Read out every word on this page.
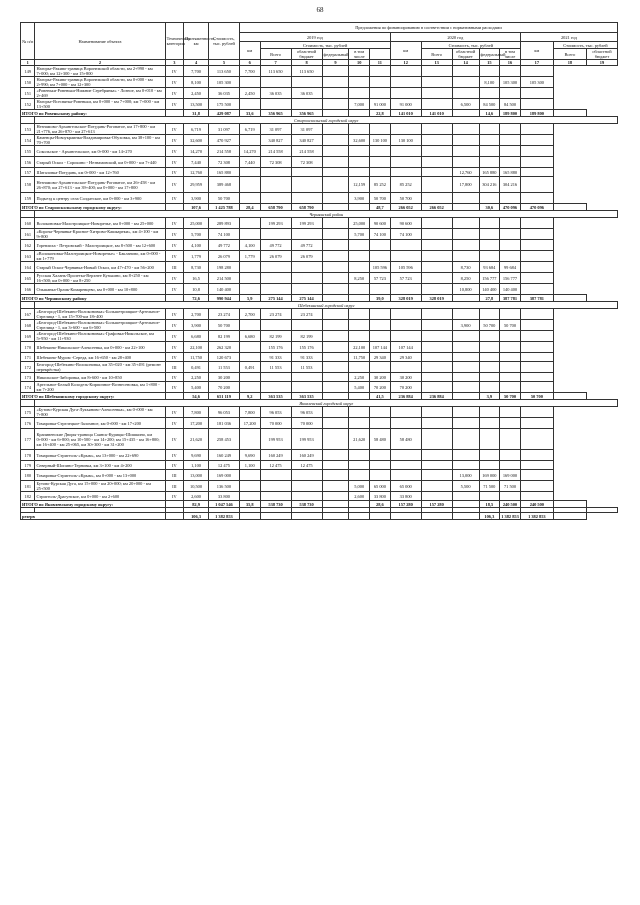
68
№ п/п	Наименование объекта	Техническая категория	Протяженность, км	Стоимость, тыс. рублей	Предложения по финансированию в соответствии с нормативными расходами													
					2019 год						2020 год					2021 год		
					км	Стоимость, тыс. рублей					км	Стоимость, тыс. рублей				км	Стоимость, тыс. рублей	
						Всего	областной бюджет	федеральный	в том числе			Всего	областной бюджет	федеральный	в том числе		Всего	областной бюджет
1	2	3	4	5	6	7	8	9	10	11	12	13	14	15	16	17	18	19
149	Нагорье-Ракиво-граница Воронежской области, км 2+990 - км 7+000; км 12+300 - км 15+800	IV	7,700	113 650	7,700	113 650	113 650											
150	Нагорье-Ракиво-граница Воронежской области, км 0+000 - км 2+990; км 7+000 - км 12+300	IV	8,100	105 300										8,100	105 300	105 300		
151	«Ровеньки-Ровеньки-Нижние Серебрянка» - Лозное, км 0+010 - км 2+469	IV	2,450	36 035	2,450	36 035	36 035											
152	Нагорье-Всесвятка-Ровеньки, км 0+000 - км 7+000; км 7+000 - км 13+500	IV	13,500	175 500					7,000	91 000	91 000		6,500	84 500	84 500			
ИТОГО по Ровеньскому району:			31,8	429 087	33,6	356 965	356 965			22,8	141 010	141 010		14,6	189 800	189 800		
	Старооскольский городской округ																	
153	Незнамово-Архангельское-Потудань-Роговатое, км 17+800 - км 21+776, км 26+870 - км 27+613	IV	6,719	31 097	6,719	31 097	31 097											
154	Каменцы-Новоукраинка-Владимировка-Обуховка, км 38+100 - км 70+700	IV	32,600	470 927		340 827	340 827		32,600	130 100	130 100							
155	Сокольское - Архангельское, км 0+000 - км 14+270	IV	14,270	214 558	14,270	214 558	214 558											
156	Старый Оскол - Сорокино - Незнамовский, км 0+000 - км 7+440	IV	7,440	72 308	7,440	72 308	72 308											
157	Шаталовка-Потудань, км 0+000 - км 12+760	IV	12,760	165 880									12,760	165 880	165 880			
158	Незнамово-Архангельское-Потудань-Роговатое, км 26+458 - км 26+870; км 27+613 - км 39+400; км 0+000 - км 17+800	IV	29,959	389 468					12,159	85 252	85 252		17,800	304 216	304 216			
159	Подъезд к центру села Солдатское, км 0+000 - км 3+900	IV	3,900	50 700					3,900	50 700	50 700							
ИТОГО по Старооскольскому городскому округу:			107,6	1 425 788	28,4	658 790	658 790			48,7	266 052	266 052		30,6	470 096	470 096		
	Чернянский район																	
160	Волоконовка-Малотроицкое-Новоречье, км 0+000 - км 25+000	IV	25,000	289 893		199 293	199 293		25,000	90 600	90 600							
161	«Короча-Чернянка-Красное-Хитрово-Кашкареки», км 4+100 - км 9+800	IV	5,700	74 100					5,700	74 100	74 100							
162	Горевлиха - Петровский - Малотроицкое, км 8+500 - км 12+600	IV	4,100	49 772	4,100	49 772	49 772											
163	«Волоконовка-Малотроицкое-Новоречье» - Бакланово, км 0+000 - км 1+779	IV	1,779	26 079	1,779	26 079	26 079											
164	Старый Оскол-Чернянка-Новый Оскол, км 47+470 - км 56+200	III	8,730	198 280						105 596	105 596		8,730	93 684	99 684			
165	Русская Халань-Пролетка-Верхнее Кузькино, км 8+250 - км 16+500; км 0+000 - км 8+250	IV	16,5	214 500					8,250	57 723	57 723		8,250	156 777	156 777			
166	Ольшанка-Орлик-Комаревцево, км 0+000 - км 10+800	IV	10,8	140 400									10,800	140 400	140 400			
ИТОГО по Чернянскому району			72,6	990 944	5,9	275 144	275 144			39,0	328 019	328 019		27,8	387 781	387 781		
	Шебекинский городской округ																	
167	«Белгород-Шебекино-Волоконовка»-Большетроицкое-Артельное-Стрелица - 1, км 15+700-км 18+400	IV	2,700	23 274	2,700	23 274	23 274											
168	«Белгород-Шебекино-Волоконовка»-Большетроицкое-Артельное-Стрелица - 1, км 3+600 - км 6+500	IV	3,900	50 700									3,900	50 700	50 700			
169	«Белгород-Шебекино-Волоконовка»-Графовка-Никольское, км 5+950 - км 11+930	IV	6,680	82 199	6,680	82 199	82 199											
170	Шебекино-Никольское-Алексеевка, км 0+000 - км 22+100	IV	22,100	262 320		155 176	155 176		22,100	107 144	107 144							
171	Шебекино-Муром -Середа, км 16+650 - км 28+400	IV	11,750	120 673		91 333	91 333		11,750	29 340	29 340							
172	Белгород-Шебекино-Волоконовка, км 35+020 - км 35+491 (ремонт перекрёстка)	III	0,491	11 553	0,491	11 553	11 553											
173	Никольское-Зиборовка, км 8+600 - км 10+850	IV	2,250	30 200					2,250	30 200	30 200							
174	Артельное-Белый Колодезь-Кирпичное-Вознесеновка, км 1+800 - км 7+200	IV	5,400	70 200					5,400	70 200	70 200							
ИТОГО по Шебекинскому городскому округу:			54,6	651 119	9,2	363 535	363 535			41,5	236 884	236 884		3,9	50 700	50 700		
	Яковлевский городской округ																	
175	«Бутово-Курская Дуга-Лукьяново-Алексеевка», км 0+000 - км 7+800	IV	7,800	96 053	7,800	96 053	96 053											
176	Томаровка-Стрелецкое-Заломное, км 0+000 - км 17+200	IV	17,200	181 036	17,200	70 000	70 000											
177	Крапивенские Дворы-граница Саянск-Курицко-Шишкино, км 0+000 - км 6+800; км 10+500 - км 14+200; км 15+435 - км 16+800; км 16+400 - км 25+065, км 30+300 - км 31+200	IV	21,620	258 453		199 953	199 953		21,620	58 480	58 480							
178	Томаровка-Стригеоль-«Крым», км 13+000 - км 22+690	IV	9,690	160 249	9,690	160 249	160 249											
179	Северный-Шопино-Терновка, км 3+100 - км 4+200	IV	1,100	12 475	1,100	12 475	12 475											
180	Томаровка-Стригеоль-«Крым», км 0+000 - км 13+000	III	13,000	169 000									13,000	169 000	169 000			
181	Бутово-Курская Дуга, км 15+000 - км 20+000; км 20+000 - км 25+500	III	10,500	136 500					5,000	65 000	65 000		5,500	71 500	71 500			
182	Стригеоль-Драгунское, км 0+000 - км 2+600	IV	2,600	33 800					2,600	33 800	33 800							
ИТОГО по Яковлевскому городскому округу:			82,9	1 047 546	35,8	538 730	538 730			28,6	157 280	157 280		18,5	240 500	240 500		

резерв			106,3	1 382 853										106,3	1 382 853	1 382 853		
